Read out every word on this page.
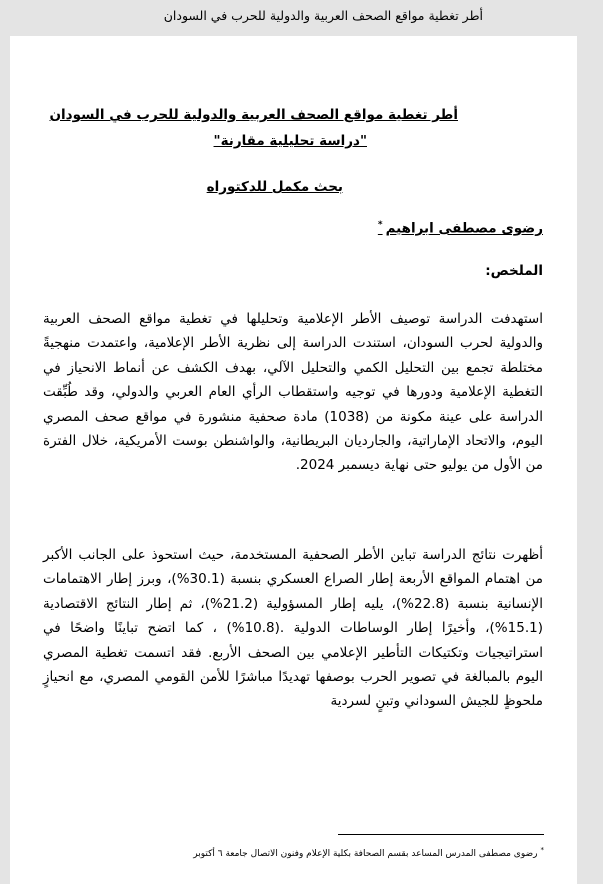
أطر تغطية مواقع الصحف العربية والدولية للحرب في السودان
أطر تغطية مواقع الصحف العربية والدولية للحرب في السودان
"دراسة تحليلية مقارنة"
بحث مكمل للدكتوراه
رضوى مصطفى ابراهيم*
الملخص:
استهدفت الدراسة توصيف الأطر الإعلامية وتحليلها في تغطية مواقع الصحف العربية والدولية لحرب السودان، استندت الدراسة إلى نظرية الأطر الإعلامية، واعتمدت منهجيةً مختلطة تجمع بين التحليل الكمي والتحليل الآلي، بهدف الكشف عن أنماط الانحياز في التغطية الإعلامية ودورها في توجيه واستقطاب الرأي العام العربي والدولي، وقد طُبِّقت الدراسة على عينة مكونة من (1038) مادة صحفية منشورة في مواقع صحف المصري اليوم، والاتحاد الإماراتية، والجارديان البريطانية، والواشنطن بوست الأمريكية، خلال الفترة من الأول من يوليو حتى نهاية ديسمبر 2024.
أظهرت نتائج الدراسة تباين الأطر الصحفية المستخدمة، حيث استحوذ على الجانب الأكبر من اهتمام المواقع الأربعة إطار الصراع العسكري بنسبة (30.1%)، وبرز إطار الاهتمامات الإنسانية بنسبة (22.8%)، يليه إطار المسؤولية (21.2%)، ثم إطار النتائج الاقتصادية (15.1%)، وأخيرًا إطار الوساطات الدولية .(10.8%) ، كما اتضح تباينًا واضحًا في استراتيجيات وتكتيكات التأطير الإعلامي بين الصحف الأربع. فقد اتسمت تغطية المصري اليوم بالمبالغة في تصوير الحرب بوصفها تهديدًا مباشرًا للأمن القومي المصري، مع انحيازٍ ملحوظٍ للجيش السوداني وتبنٍ لسردية
*رضوى مصطفى المدرس المساعد بقسم الصحافة بكلية الإعلام وفنون الاتصال جامعة ٦ أكتوبر
